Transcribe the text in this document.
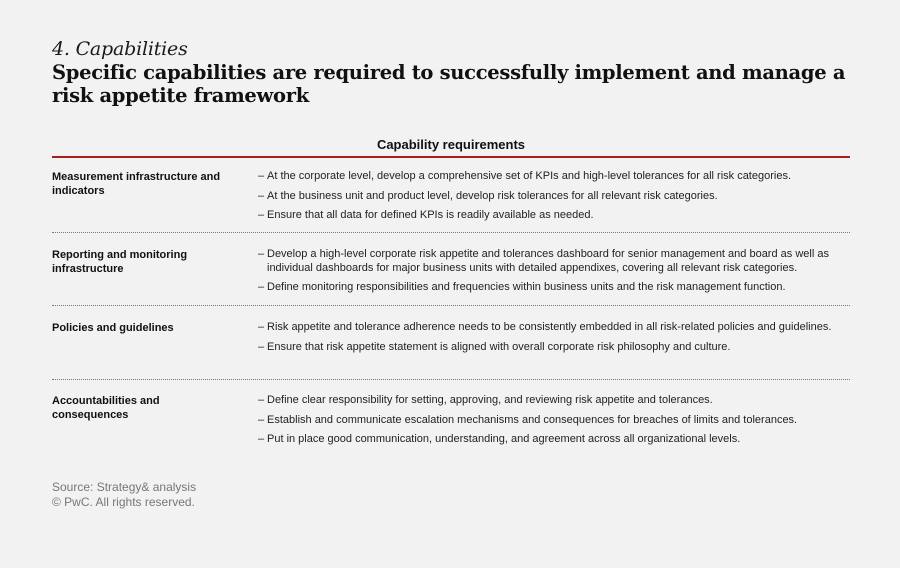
4. Capabilities
Specific capabilities are required to successfully implement and manage a risk appetite framework
Capability requirements
Measurement infrastructure and indicators
– At the corporate level, develop a comprehensive set of KPIs and high-level tolerances for all risk categories.
– At the business unit and product level, develop risk tolerances for all relevant risk categories.
– Ensure that all data for defined KPIs is readily available as needed.
Reporting and monitoring infrastructure
– Develop a high-level corporate risk appetite and tolerances dashboard for senior management and board as well as individual dashboards for major business units with detailed appendixes, covering all relevant risk categories.
– Define monitoring responsibilities and frequencies within business units and the risk management function.
Policies and guidelines	– Risk appetite and tolerance adherence needs to be consistently embedded in all risk-related policies and guidelines.
– Ensure that risk appetite statement is aligned with overall corporate risk philosophy and culture.
Accountabilities and consequences
– Define clear responsibility for setting, approving, and reviewing risk appetite and tolerances.
– Establish and communicate escalation mechanisms and consequences for breaches of limits and tolerances.
– Put in place good communication, understanding, and agreement across all organizational levels.
Source: Strategy& analysis
© PwC. All rights reserved.
